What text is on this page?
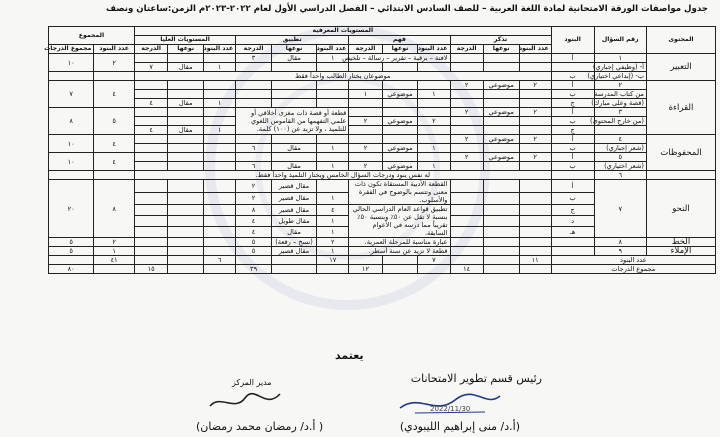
جدول مواصفات الورقة الامتحانية لمادة اللغة العربية – للصف السادس الابتدائي – الفصل الدراسي الأول لعام ٢٠٢٢-٢٠٢٣م الزمن:ساعتان ونصف
المحتوى	رقم السؤال	البنود	المستويات المعرفية												المجموع	
			تذكر			فهم			تطبيق			المستويات العليا				
			عدد البنود	نوعها	الدرجة	عدد البنود	نوعها	الدرجة	عدد البنود	نوعها	الدرجة	عدد البنود	نوعها	الدرجة	عدد البنود	مجموع الدرجات
التعبير	١	أ				لافتة – برقية – تقرير – رسالة – تلخيص			١	مقال	٣				٢	١٠
	أ- (وظيفي إجباري)											١	مقال	٧		
	ب- (إبداعي اختياري)	ب	موضوعان يختار الطالب واحداً فقط													
القراءة	٢	أ	٢	موضوعي	٢										٤	٧
	من كتاب المدرسة	ب				١	موضوعي	١								
	(قصة وعلى مبارك)	ج										١	مقال	٤		
	٣	أ	٢	موضوعي	٢				قطعة أو قصة ذات مغزى أخلاقي أو علمي التفهمها من القاموس اللغوي للتلميذ ، ولا تزيد عن (١٠٠) كلمة.						٥	٨
	(من خارج المحتوى)	ب				٢	موضوعي	٢								
		ج										١	مقال	٤		
المحفوظات	٤	أ	٢	موضوعي	٢										٤	١٠
	(شعر إجباري)	ب				١	موضوعي	٢	١	مقال	٦					
	٥	أ	٢	موضوعي	٢										٤	١٠
	(شعر اختياري)	ب				١	موضوعي	٢	١	مقال	٦					
	٦		له نفس بنود ودرجات السؤال الخامس ويختار التلميذ واحداً فقط.													
النحو	٧	أ				القطعة الأدبية المستقاة تكون ذات معنى وتتسم بالوضوح في الفقرة والأسلوب.				مقال قصير	٢				٨	٢٠
		ب							١	مقال قصير	٢					
		ج				تطبيق قواعد العام الدراسي الحالي بنسبة لا تقل عن ٥٠٪ وبنسبة ٥٠٪ تقريباً مما درسه في الأعوام السابقة.			٤	مقال قصير	٨					
		د							١	مقال طويل	٤					
		هـ							١	مقال	٤					
الخط	٨					عبارة مناسبة للمرحلة العمرية.			٢	(نسخ – رقعة)	٥				٢	٥
الإملاء	٩					قطعة لا تزيد عن سنة أسطر.			١	مقال قصير	٥				١	٥
عدد البنود			١١			٧			١٧			٦			٤١	
مجموع الدرجات					١٤			١٢			٣٩			١٥		٨٠
يعتمد
رئيس قسم تطوير الامتحانات
2022/11/30
(أ.د/ منى إبراهيم الليبودي)
مدير المركز
( أ.د/ رمضان محمد رمضان)
